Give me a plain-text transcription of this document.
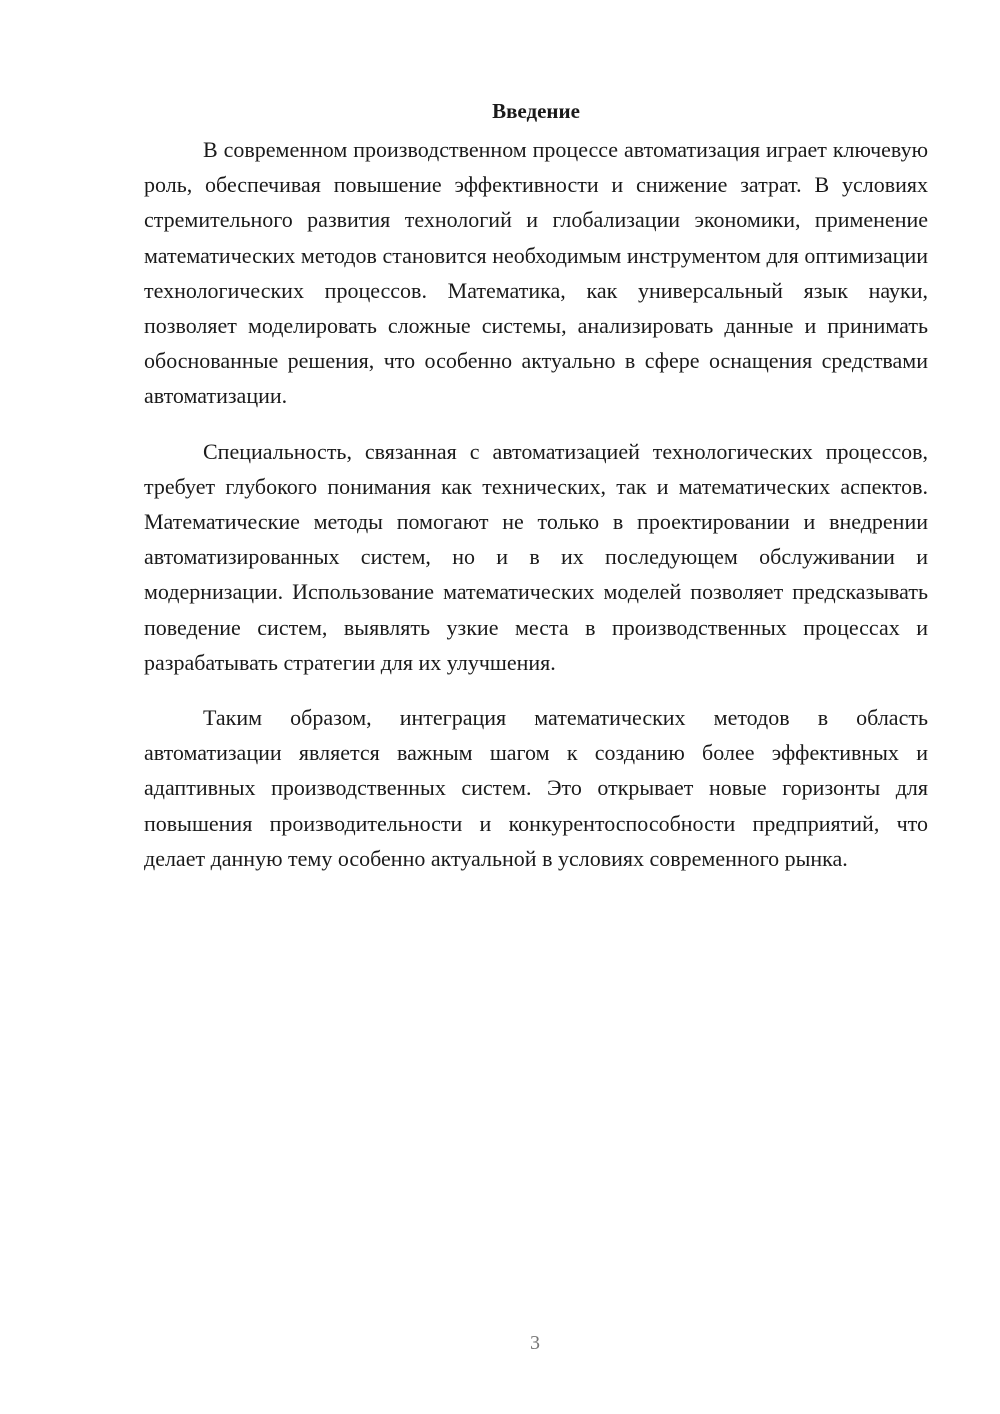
Введение

В современном производственном процессе автоматизация играет ключевую роль, обеспечивая повышение эффективности и снижение затрат. В условиях стремительного развития технологий и глобализации экономики, применение математических методов становится необходимым инструментом для оптимизации технологических процессов. Математика, как универсальный язык науки, позволяет моделировать сложные системы, анализировать данные и принимать обоснованные решения, что особенно актуально в сфере оснащения средствами автоматизации.

Специальность, связанная с автоматизацией технологических процессов, требует глубокого понимания как технических, так и математических аспектов. Математические методы помогают не только в проектировании и внедрении автоматизированных систем, но и в их последующем обслуживании и модернизации. Использование математических моделей позволяет предсказывать поведение систем, выявлять узкие места в производственных процессах и разрабатывать стратегии для их улучшения.

Таким образом, интеграция математических методов в область автоматизации является важным шагом к созданию более эффективных и адаптивных производственных систем. Это открывает новые горизонты для повышения производительности и конкурентоспособности предприятий, что делает данную тему особенно актуальной в условиях современного рынка.

3
